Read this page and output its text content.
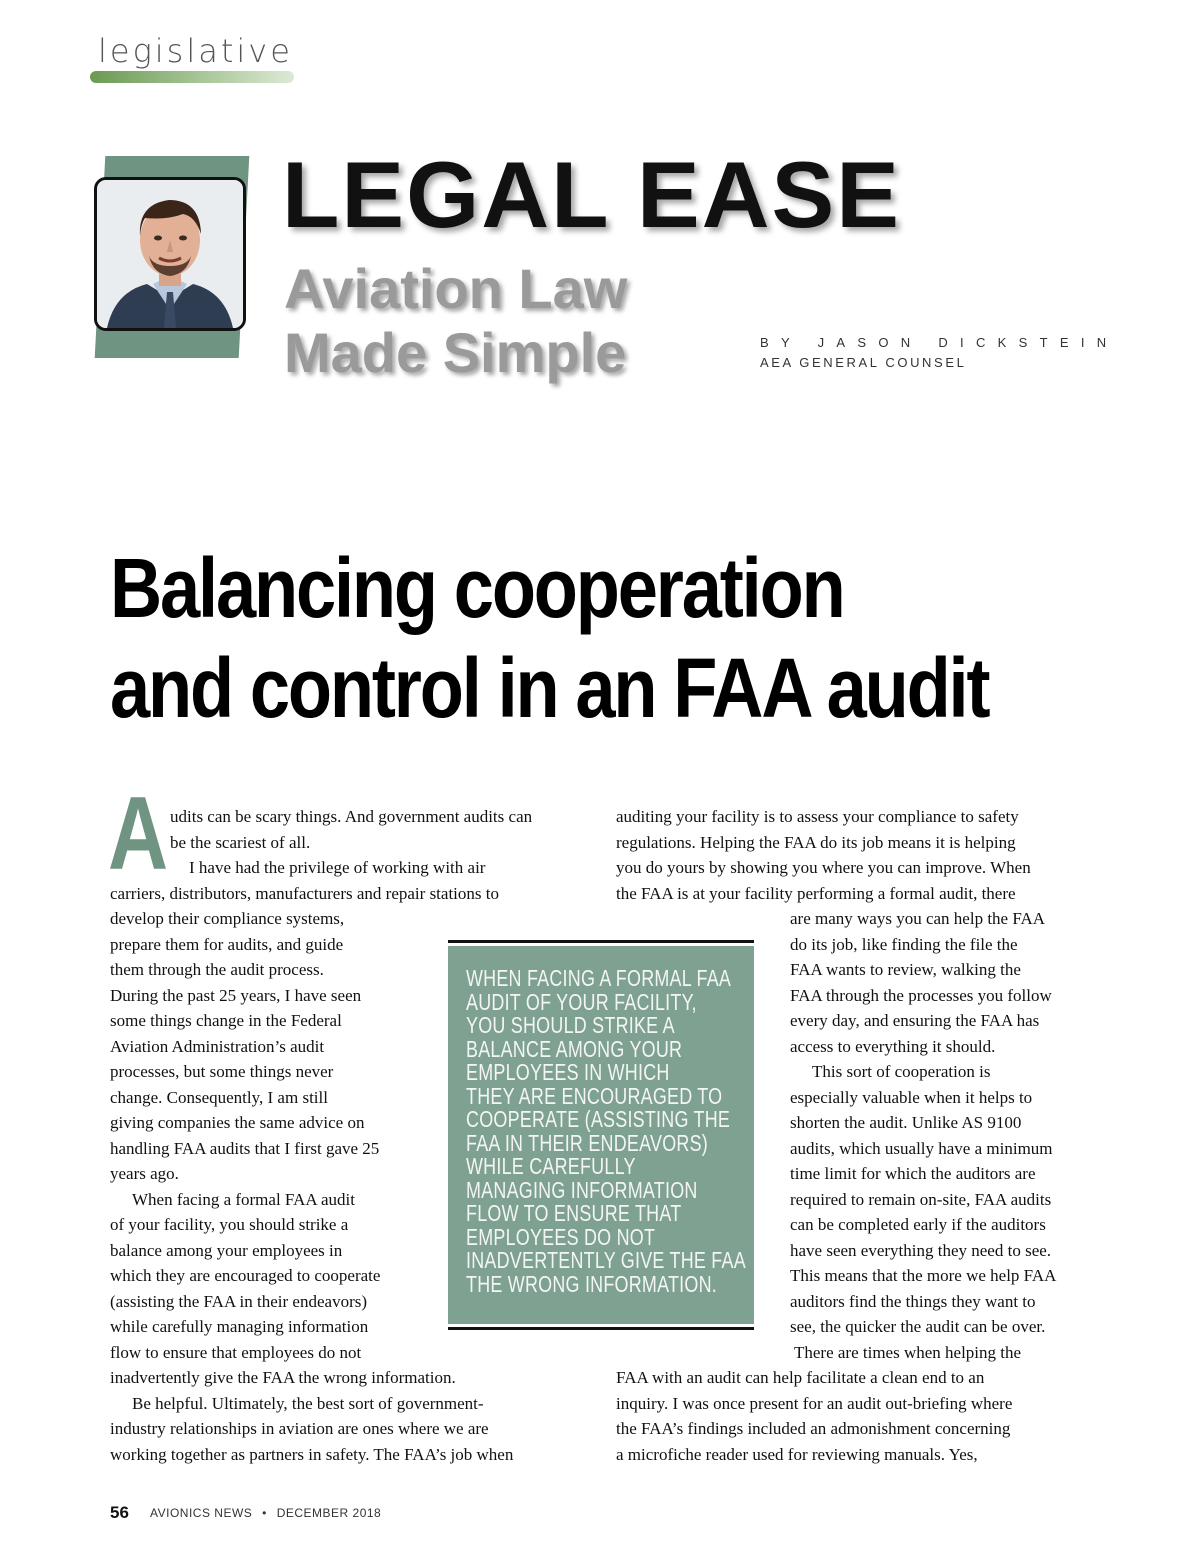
legislative
LEGAL EASE
Aviation Law
Made Simple	BY JASON DICKSTEIN
AEA GENERAL COUNSEL
Balancing cooperation
and control in an FAA audit
A udits can be scary things. And government audits can

be the scariest of all.

I have had the privilege of working with air

carriers, distributors, manufacturers and repair stations to

develop their compliance systems,

prepare them for audits, and guide

them through the audit process.

During the past 25 years, I have seen

some things change in the Federal

Aviation Administration’s audit

processes, but some things never

change. Consequently, I am still

giving companies the same advice on

handling FAA audits that I first gave 25

years ago.

When facing a formal FAA audit

of your facility, you should strike a

balance among your employees in

which they are encouraged to cooperate

(assisting the FAA in their endeavors)

while carefully managing information

flow to ensure that employees do not

inadvertently give the FAA the wrong information.

Be helpful. Ultimately, the best sort of government-

industry relationships in aviation are ones where we are

working together as partners in safety. The FAA’s job when

auditing your facility is to assess your compliance to safety

regulations. Helping the FAA do its job means it is helping

you do yours by showing you where you can improve. When

the FAA is at your facility performing a formal audit, there

are many ways you can help the FAA

do its job, like finding the file the

FAA wants to review, walking the

FAA through the processes you follow

every day, and ensuring the FAA has

access to everything it should.

This sort of cooperation is

especially valuable when it helps to

shorten the audit. Unlike AS 9100

audits, which usually have a minimum

time limit for which the auditors are

required to remain on-site, FAA audits

can be completed early if the auditors

have seen everything they need to see.

This means that the more we help FAA

auditors find the things they want to

see, the quicker the audit can be over.

There are times when helping the

FAA with an audit can help facilitate a clean end to an

inquiry. I was once present for an audit out-briefing where

the FAA’s findings included an admonishment concerning

a microfiche reader used for reviewing manuals. Yes,

WHEN FACING A FORMAL FAA
AUDIT OF YOUR FACILITY,
YOU SHOULD STRIKE A
BALANCE AMONG YOUR
EMPLOYEES IN WHICH
THEY ARE ENCOURAGED TO
COOPERATE (ASSISTING THE
FAA IN THEIR ENDEAVORS)
WHILE CAREFULLY
MANAGING INFORMATION
FLOW TO ENSURE THAT
EMPLOYEES DO NOT
INADVERTENTLY GIVE THE FAA
THE WRONG INFORMATION.
56 AVIONICS NEWS • DECEMBER 2018
